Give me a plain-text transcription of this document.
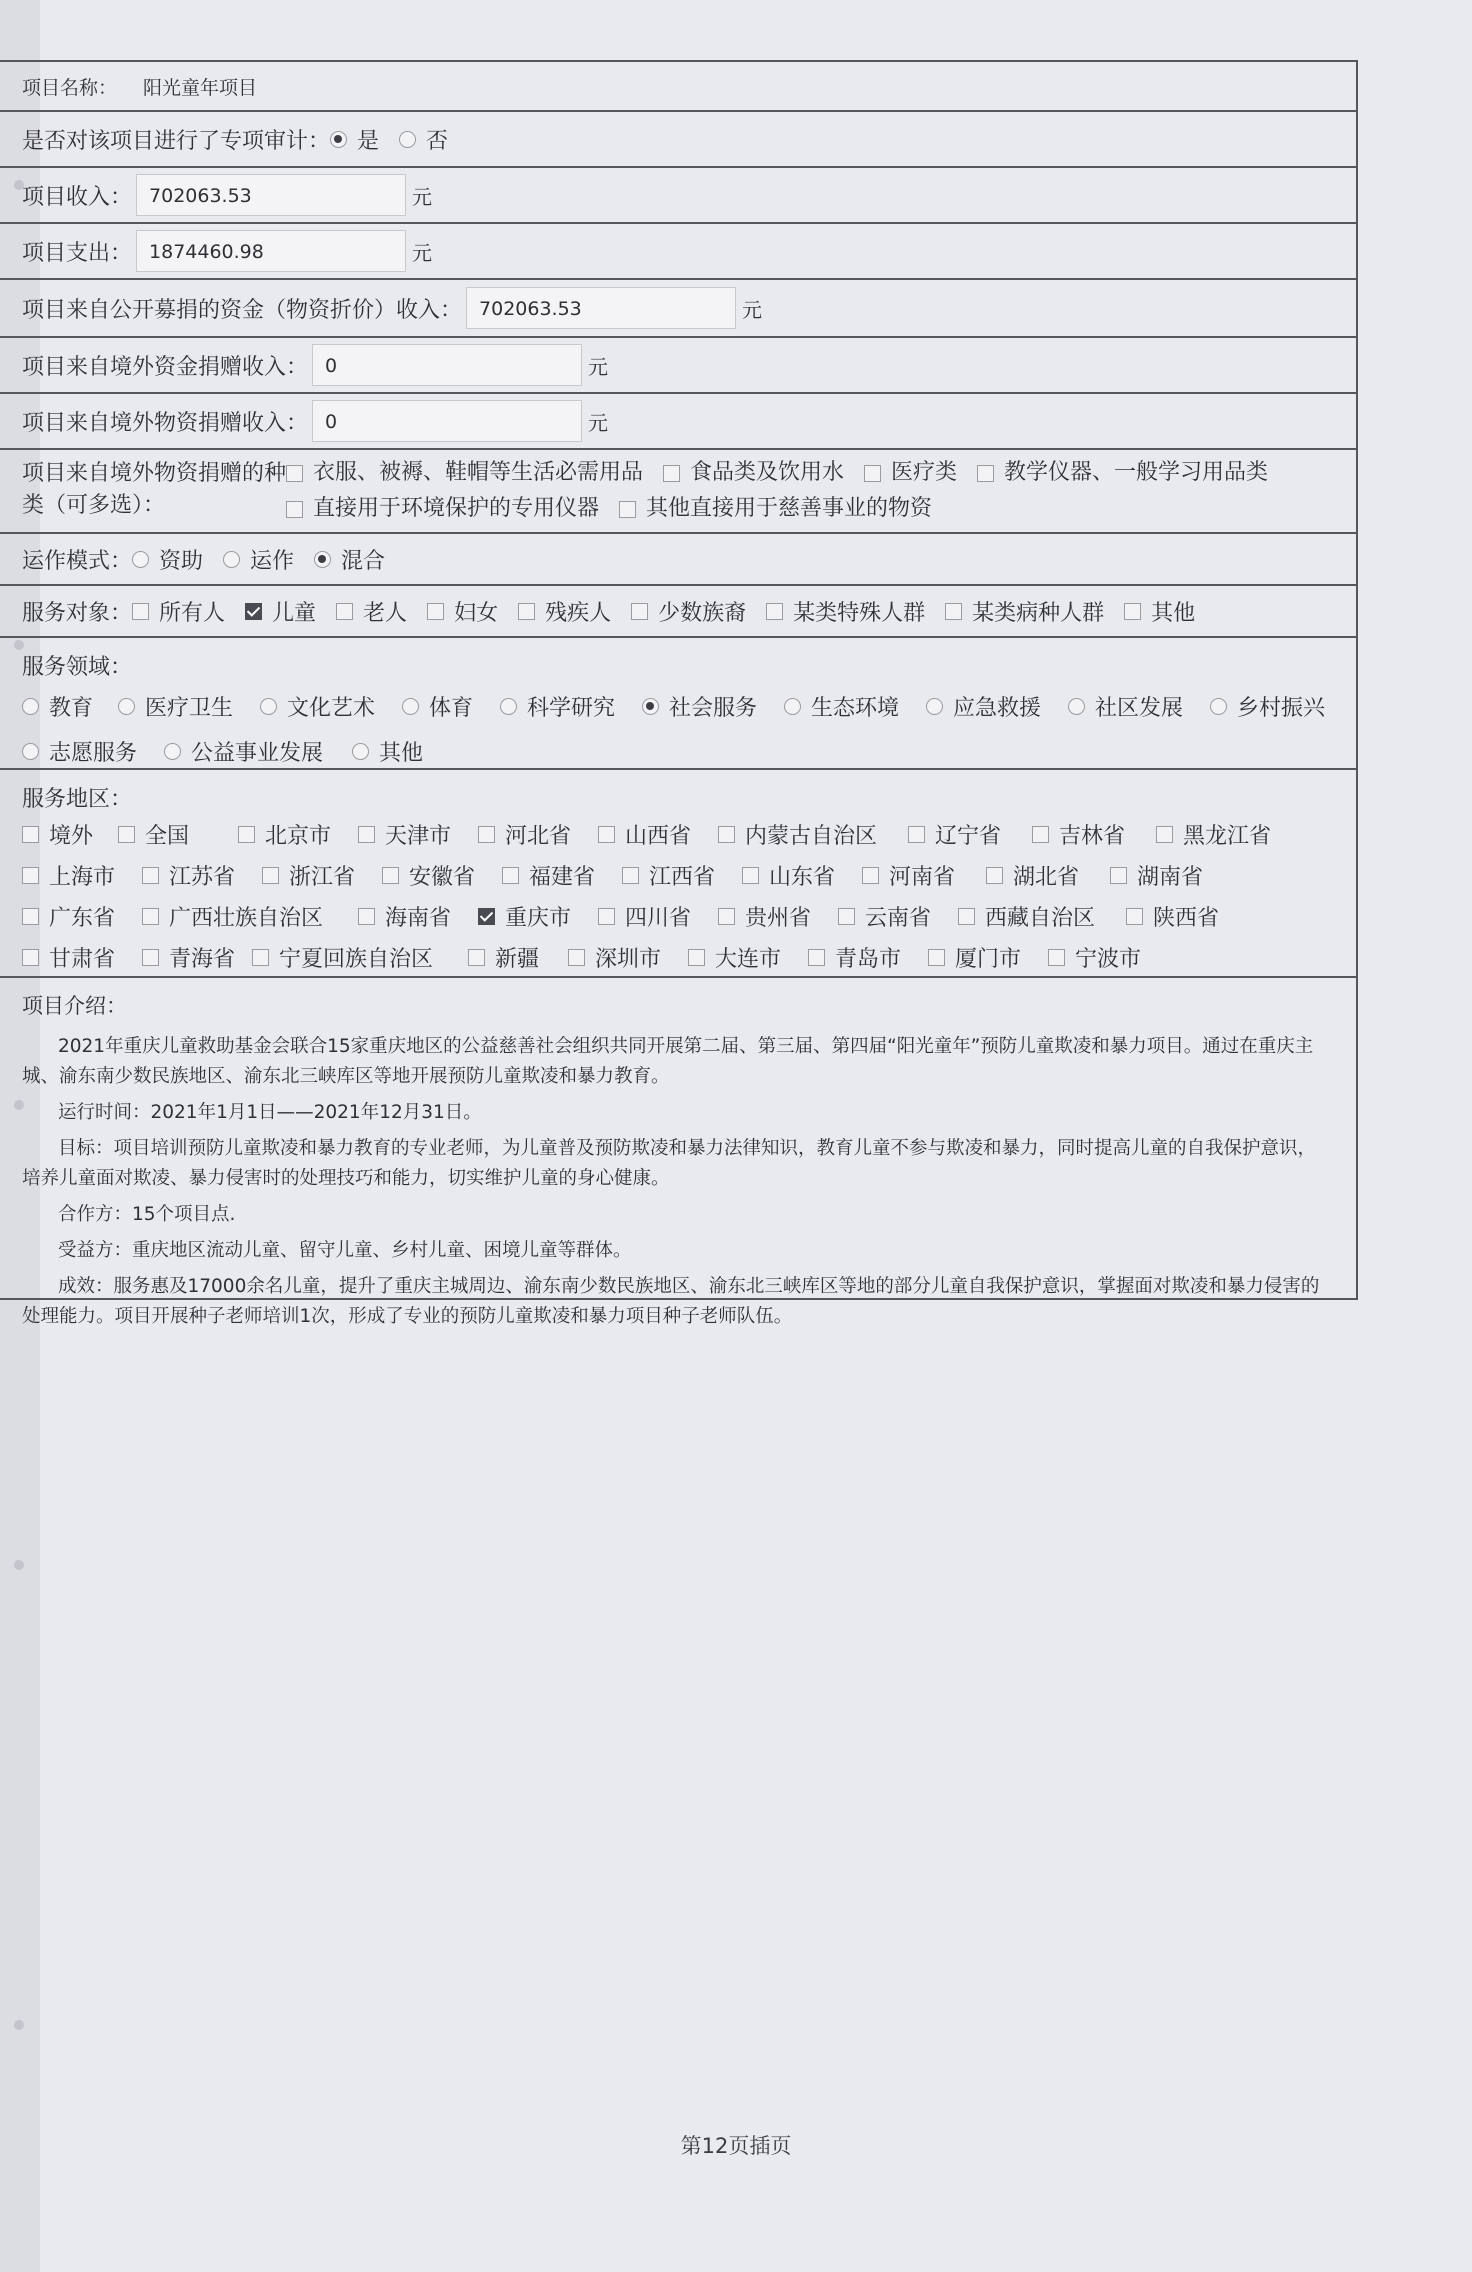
项目名称： 阳光童年项目
是否对该项目进行了专项审计： 是 否
项目收入： 702063.53	元
项目支出： 1874460.98	元
项目来自公开募捐的资金（物资折价）收入： 702063.53	元
项目来自境外资金捐赠收入： 0	元
项目来自境外物资捐赠收入： 0	元
项目来自境外物资捐赠的种
类（可多选）：
衣服、被褥、鞋帽等生活必需用品 食品类及饮用水 医疗类 教学仪器、一般学习用品类
直接用于环境保护的专用仪器 其他直接用于慈善事业的物资
运作模式： 资助 运作 混合
服务对象： 所有人 儿童 老人 妇女 残疾人 少数族裔 某类特殊人群 某类病种人群 其他
服务领域：
教育 医疗卫生 文化艺术 体育 科学研究 社会服务 生态环境 应急救援 社区发展 乡村振兴
志愿服务 公益事业发展	其他
服务地区：
境外 全国	北京市 天津市 河北省 山西省 内蒙古自治区	辽宁省	吉林省	黑龙江省
上海市 江苏省 浙江省 安徽省 福建省 江西省 山东省 河南省	湖北省	湖南省
广东省 广西壮族自治区	海南省 重庆市 四川省 贵州省 云南省 西藏自治区	陕西省
甘肃省 青海省 宁夏回族自治区	新疆	深圳市 大连市 青岛市 厦门市 宁波市
项目介绍：

2021年重庆儿童救助基金会联合15家重庆地区的公益慈善社会组织共同开展第二届、第三届、第四届“阳光童年”预防儿童欺凌和暴力项目。通过在重庆主城、渝东南少数民族地区、渝东北三峡库区等地开展预防儿童欺凌和暴力教育。

运行时间：2021年1月1日——2021年12月31日。

目标：项目培训预防儿童欺凌和暴力教育的专业老师，为儿童普及预防欺凌和暴力法律知识，教育儿童不参与欺凌和暴力，同时提高儿童的自我保护意识，培养儿童面对欺凌、暴力侵害时的处理技巧和能力，切实维护儿童的身心健康。

合作方：15个项目点.

受益方：重庆地区流动儿童、留守儿童、乡村儿童、困境儿童等群体。

成效：服务惠及17000余名儿童，提升了重庆主城周边、渝东南少数民族地区、渝东北三峡库区等地的部分儿童自我保护意识，掌握面对欺凌和暴力侵害的处理能力。项目开展种子老师培训1次，形成了专业的预防儿童欺凌和暴力项目种子老师队伍。

第12页插页
